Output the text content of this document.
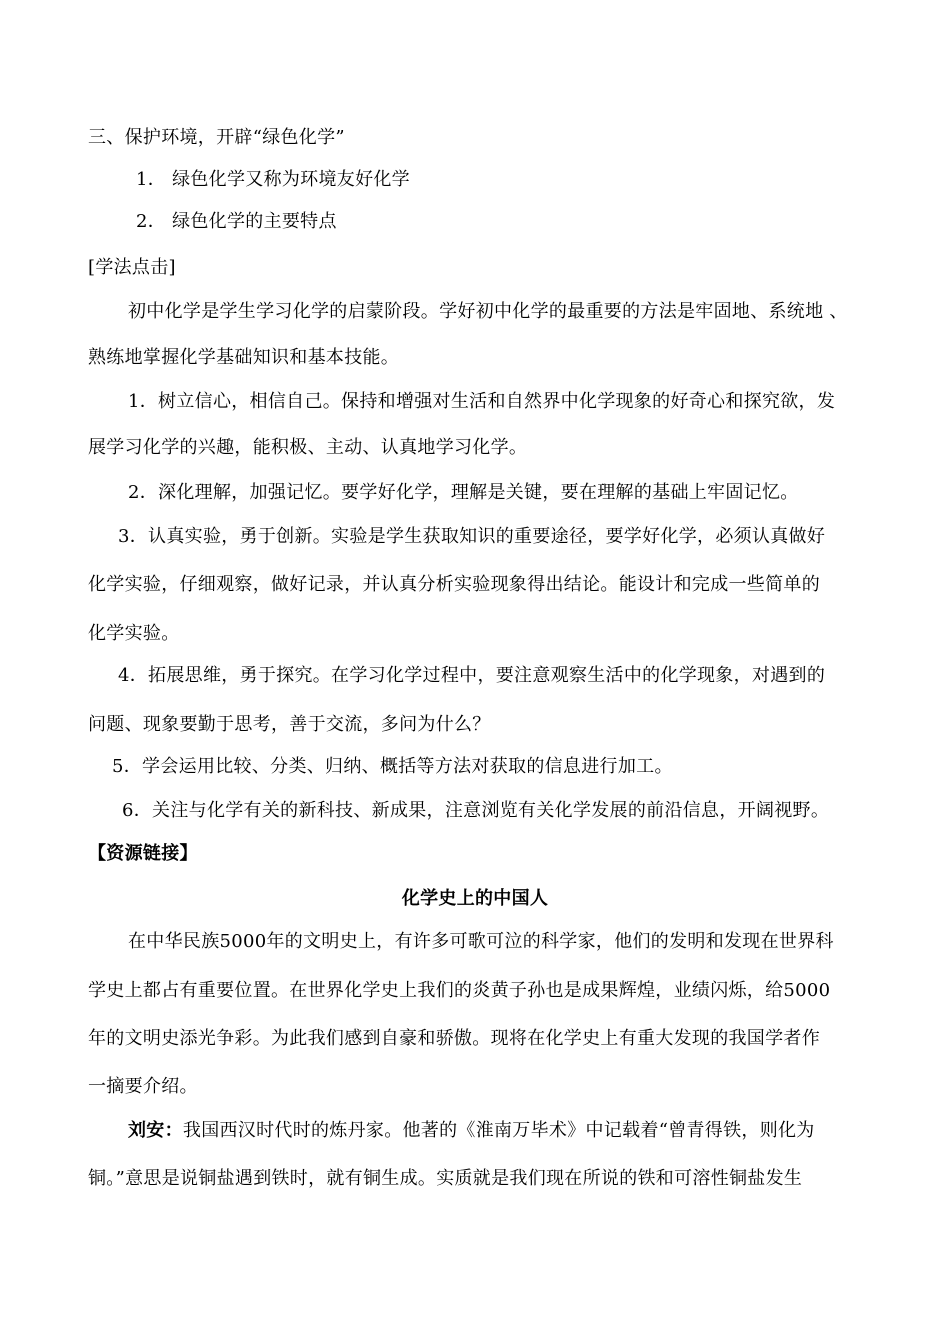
三、保护环境，开辟“绿色化学”
1． 绿色化学又称为环境友好化学
2． 绿色化学的主要特点
[学法点击]
初中化学是学生学习化学的启蒙阶段。学好初中化学的最重要的方法是牢固地、系统地 、
熟练地掌握化学基础知识和基本技能。
1．树立信心，相信自己。保持和增强对生活和自然界中化学现象的好奇心和探究欲，发
展学习化学的兴趣，能积极、主动、认真地学习化学。
2．深化理解，加强记忆。要学好化学，理解是关键，要在理解的基础上牢固记忆。
3．认真实验，勇于创新。实验是学生获取知识的重要途径，要学好化学，必须认真做好
化学实验，仔细观察，做好记录，并认真分析实验现象得出结论。能设计和完成一些简单的
化学实验。
4．拓展思维，勇于探究。在学习化学过程中，要注意观察生活中的化学现象，对遇到的
问题、现象要勤于思考，善于交流，多问为什么？
5．学会运用比较、分类、归纳、概括等方法对获取的信息进行加工。
6．关注与化学有关的新科技、新成果，注意浏览有关化学发展的前沿信息，开阔视野。
【资源链接】
化学史上的中国人
在中华民族5000年的文明史上，有许多可歌可泣的科学家，他们的发明和发现在世界科
学史上都占有重要位置。在世界化学史上我们的炎黄子孙也是成果辉煌，业绩闪烁，给5000
年的文明史添光争彩。为此我们感到自豪和骄傲。现将在化学史上有重大发现的我国学者作
一摘要介绍。
刘安：我国西汉时代时的炼丹家。他著的《淮南万毕术》中记载着“曾青得铁，则化为
铜。”意思是说铜盐遇到铁时，就有铜生成。实质就是我们现在所说的铁和可溶性铜盐发生
